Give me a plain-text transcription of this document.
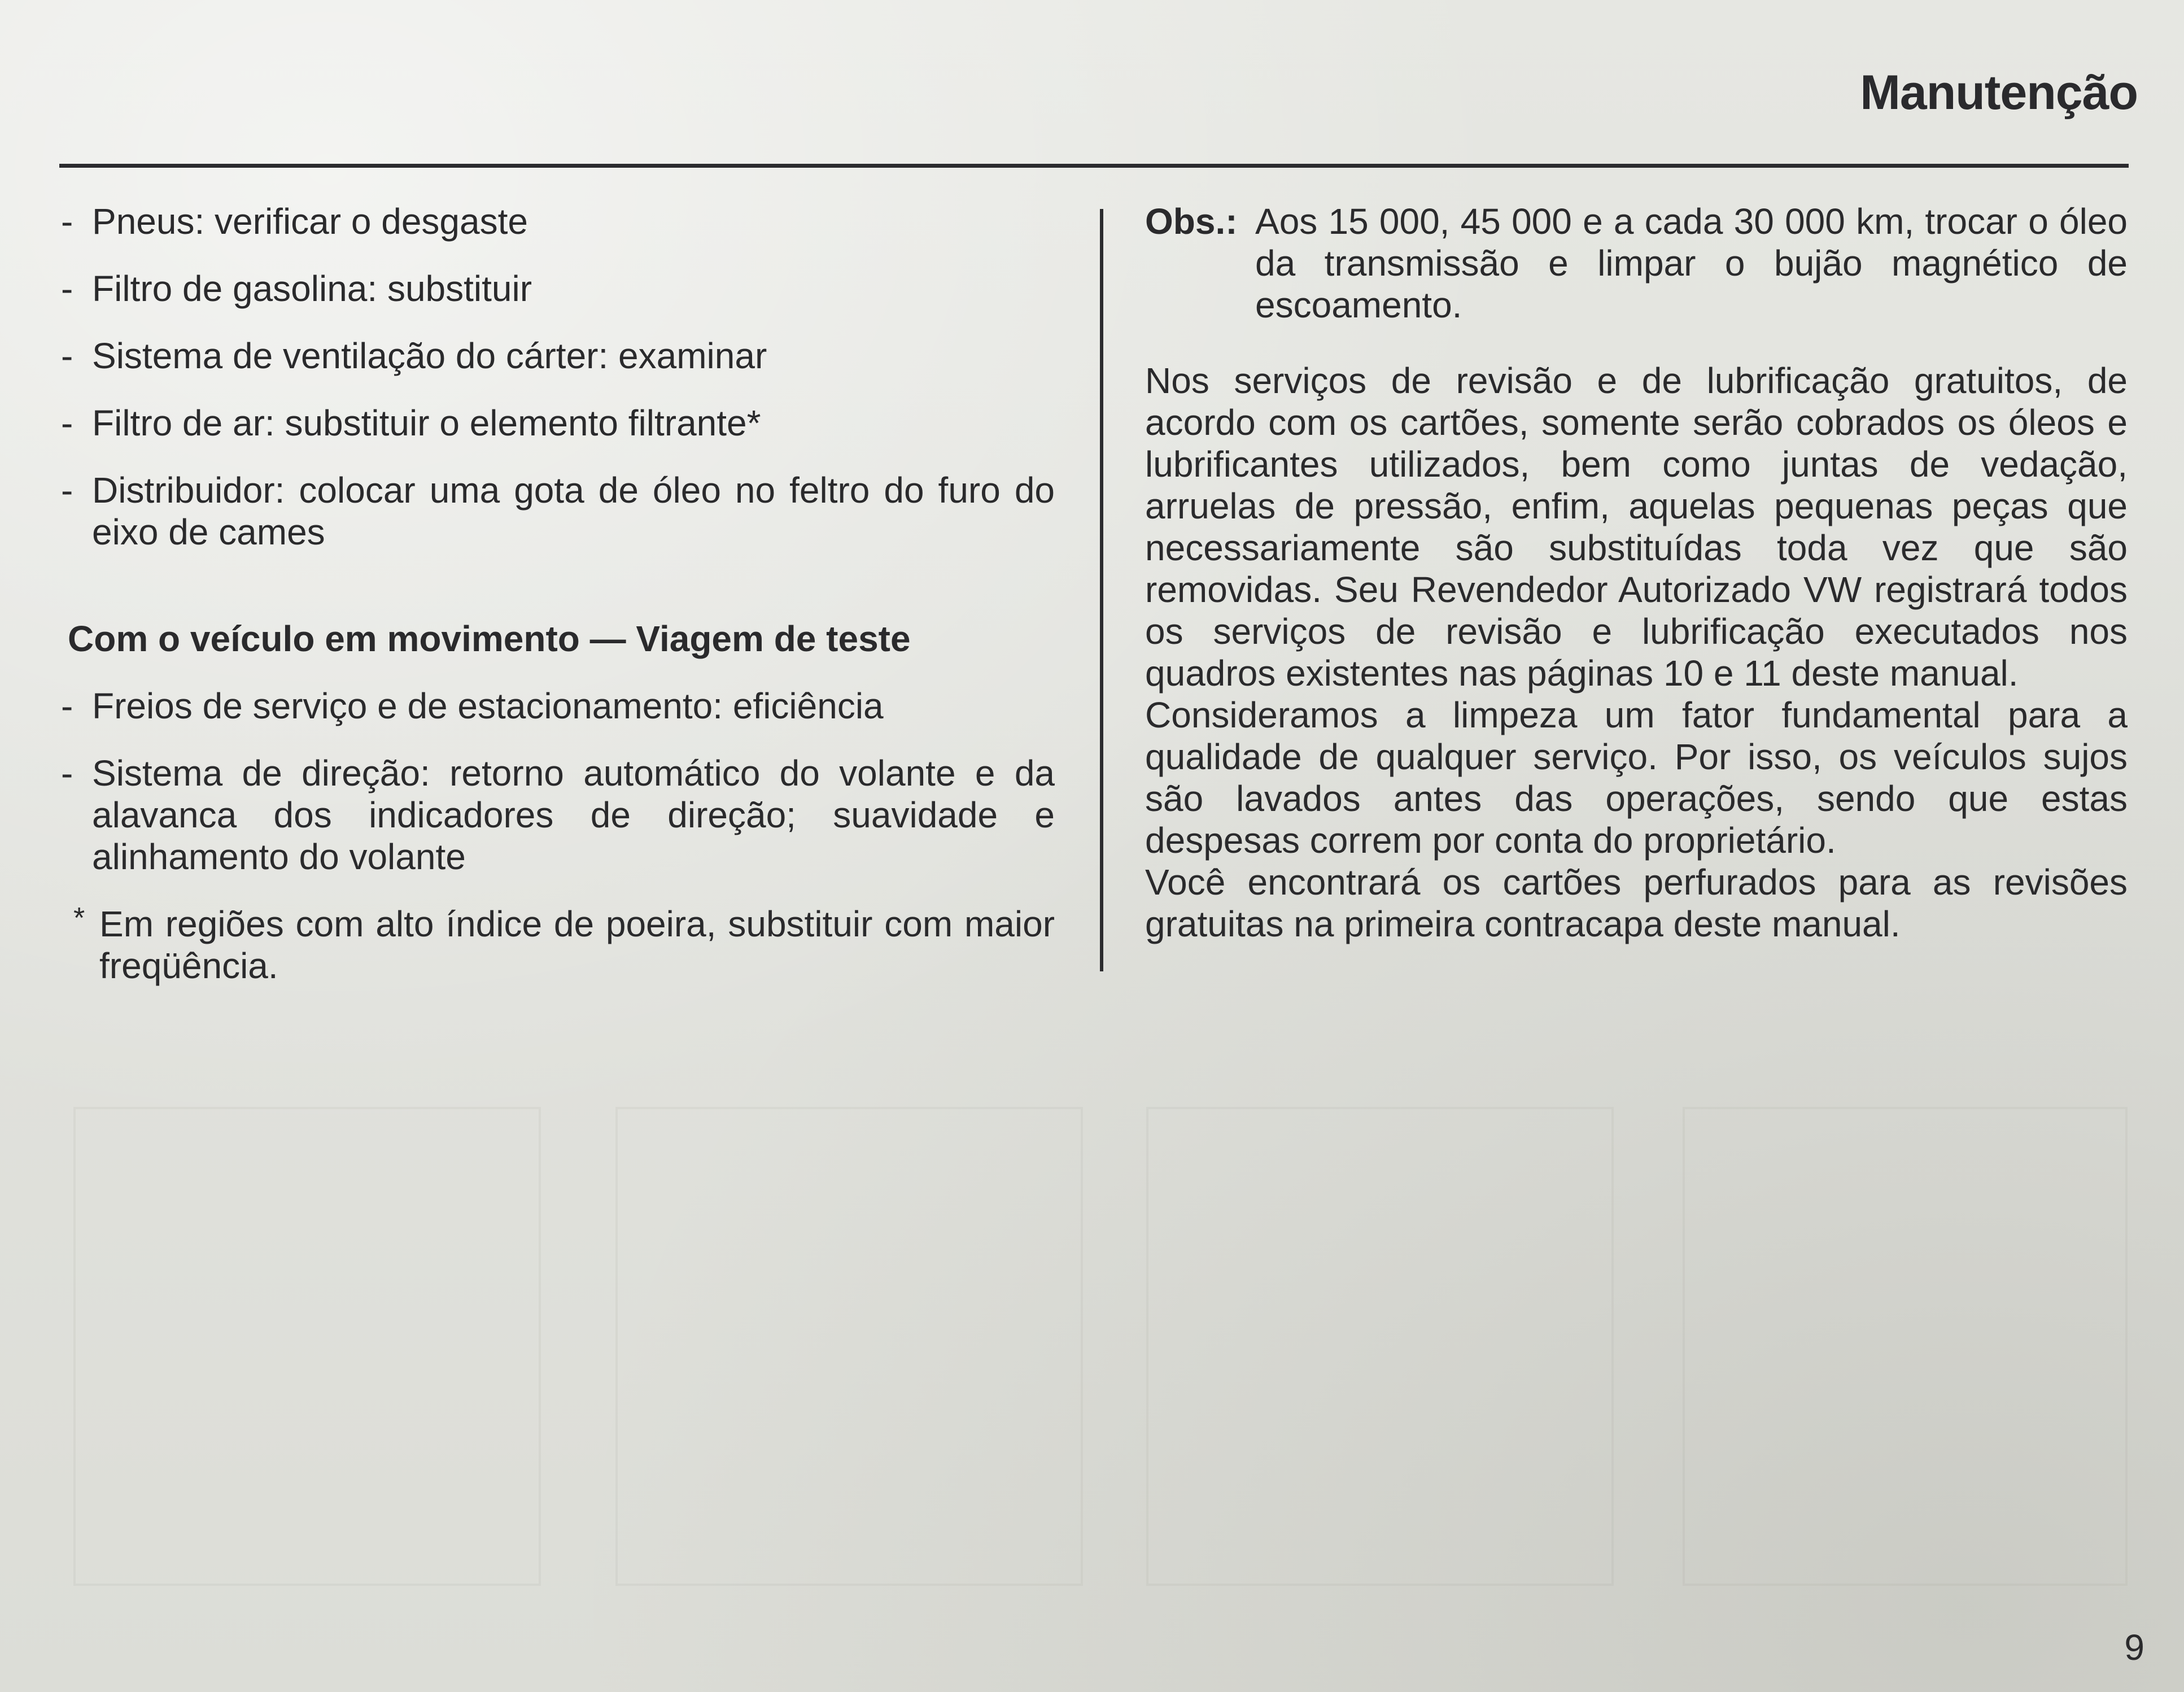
Manutenção
- Pneus: verificar o desgaste
- Filtro de gasolina: substituir
- Sistema de ventilação do cárter: examinar
- Filtro de ar: substituir o elemento filtrante*
- Distribuidor: colocar uma gota de óleo no feltro do furo do eixo de cames
Com o veículo em movimento — Viagem de teste
- Freios de serviço e de estacionamento: eficiência
- Sistema de direção: retorno automático do volante e da alavanca dos indicadores de direção; suavidade e alinhamento do volante
* Em regiões com alto índice de poeira, substituir com maior freqüência.
Obs.: Aos 15 000, 45 000 e a cada 30 000 km, trocar o óleo da transmissão e limpar o bujão magnético de escoamento.

Nos serviços de revisão e de lubrificação gratuitos, de acordo com os cartões, somente serão cobrados os óleos e lubrificantes utilizados, bem como juntas de vedação, arruelas de pressão, enfim, aquelas pequenas peças que necessariamente são substituídas toda vez que são removidas. Seu Revendedor Autorizado VW registrará todos os serviços de revisão e lubrificação executados nos quadros existentes nas páginas 10 e 11 deste manual.

Consideramos a limpeza um fator fundamental para a qualidade de qualquer serviço. Por isso, os veículos sujos são lavados antes das operações, sendo que estas despesas correm por conta do proprietário.

Você encontrará os cartões perfurados para as revisões gratuitas na primeira contracapa deste manual.

9
